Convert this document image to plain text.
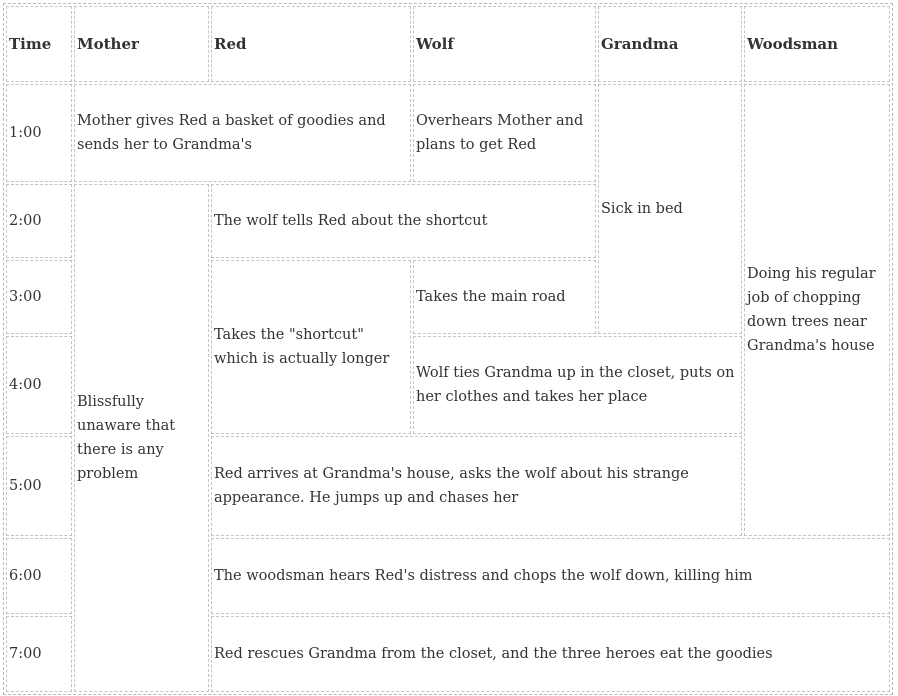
Time	Mother	Red	Wolf	Grandma	Woodsman
1:00	Mother gives Red a basket of goodies and sends her to Grandma's		Overhears Mother and plans to get Red	Sick in bed	Doing his regular job of chopping down trees near Grandma's house
2:00	Blissfully unaware that there is any problem	The wolf tells Red about the shortcut			
3:00		Takes the "shortcut" which is actually longer	Takes the main road		
4:00			Wolf ties Grandma up in the closet, puts on her clothes and takes her place		
5:00		Red arrives at Grandma's house, asks the wolf about his strange appearance. He jumps up and chases her			
6:00		The woodsman hears Red's distress and chops the wolf down, killing him			
7:00		Red rescues Grandma from the closet, and the three heroes eat the goodies			
